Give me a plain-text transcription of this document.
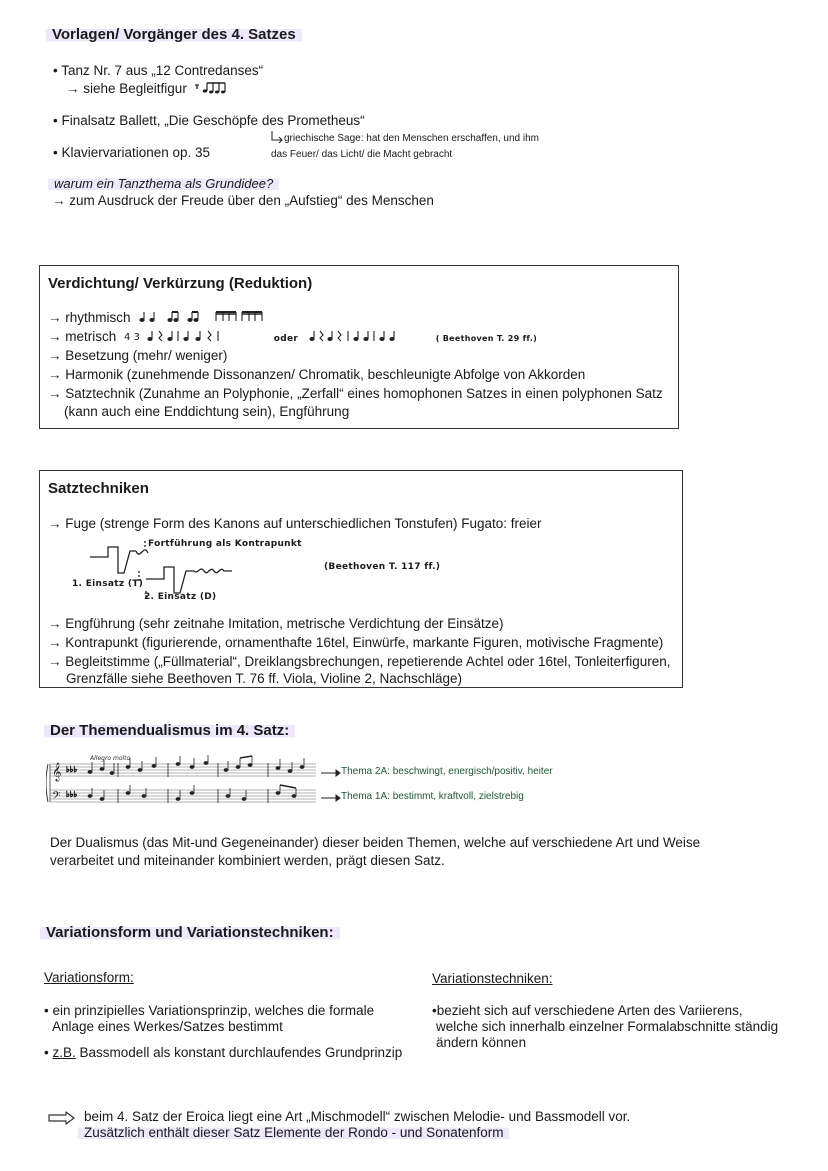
Vorlagen/ Vorgänger des 4. Satzes
• Tanz Nr. 7 aus „12 Contredanses“
→ siehe Begleitfigur
• Finalsatz Ballett, „Die Geschöpfe des Prometheus“
griechische Sage: hat den Menschen erschaffen, und ihm
das Feuer/ das Licht/ die Macht gebracht
• Klaviervariationen op. 35
warum ein Tanzthema als Grundidee?
→ zum Ausdruck der Freude über den „Aufstieg“ des Menschen
Verdichtung/ Verkürzung (Reduktion)
→ rhythmisch
→ metrisch 4 3	oder	( Beethoven T. 29 ff.)
→ Besetzung (mehr/ weniger)
→ Harmonik (zunehmende Dissonanzen/ Chromatik, beschleunigte Abfolge von Akkorden
→ Satztechnik (Zunahme an Polyphonie, „Zerfall“ eines homophonen Satzes in einen polyphonen Satz
(kann auch eine Enddichtung sein), Engführung
Satztechniken
→ Fuge (strenge Form des Kanons auf unterschiedlichen Tonstufen) Fugato: freier
Fortführung als Kontrapunkt
1. Einsatz (T)
2. Einsatz (D)
(Beethoven T. 117 ff.)
→ Engführung (sehr zeitnahe Imitation, metrische Verdichtung der Einsätze)
→ Kontrapunkt (figurierende, ornamenthafte 16tel, Einwürfe, markante Figuren, motivische Fragmente)
→ Begleitstimme („Füllmaterial“, Dreiklangsbrechungen, repetierende Achtel oder 16tel, Tonleiterfiguren,
Grenzfälle siehe Beethoven T. 76 ff. Viola, Violine 2, Nachschläge)
Der Themendualismus im 4. Satz:
Allegro molto
𝄞
𝄢
♭♭♭
♭♭♭
Thema 2A: beschwingt, energisch/positiv, heiter
Thema 1A: bestimmt, kraftvoll, zielstrebig
Der Dualismus (das Mit-und Gegeneinander) dieser beiden Themen, welche auf verschiedene Art und Weise
verarbeitet und miteinander kombiniert werden, prägt diesen Satz.
Variationsform und Variationstechniken:
Variationsform:
• ein prinzipielles Variationsprinzip, welches die formale
Anlage eines Werkes/Satzes bestimmt
• z.B. Bassmodell als konstant durchlaufendes Grundprinzip
Variationstechniken:
•bezieht sich auf verschiedene Arten des Variierens,
welche sich innerhalb einzelner Formalabschnitte ständig
ändern können
beim 4. Satz der Eroica liegt eine Art „Mischmodell“ zwischen Melodie- und Bassmodell vor.
Zusätzlich enthält dieser Satz Elemente der Rondo - und Sonatenform
